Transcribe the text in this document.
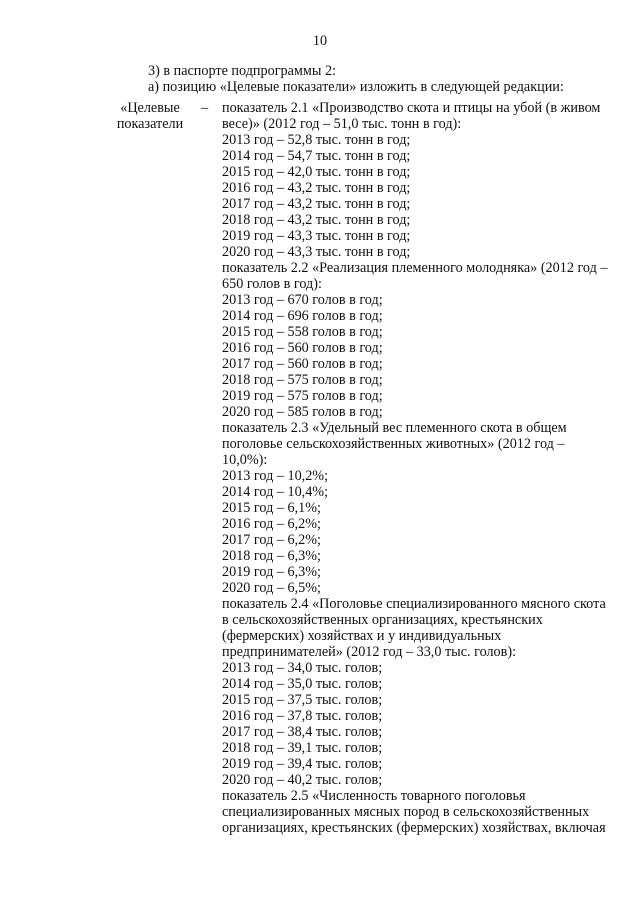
10
3) в паспорте подпрограммы 2:
а) позицию «Целевые показатели» изложить в следующей редакции:
«Целевые
показатели
– показатель 2.1 «Производство скота и птицы на убой (в живом
весе)» (2012 год – 51,0 тыс. тонн в год):
2013 год – 52,8 тыс. тонн в год;
2014 год – 54,7 тыс. тонн в год;
2015 год – 42,0 тыс. тонн в год;
2016 год – 43,2 тыс. тонн в год;
2017 год – 43,2 тыс. тонн в год;
2018 год – 43,2 тыс. тонн в год;
2019 год – 43,3 тыс. тонн в год;
2020 год – 43,3 тыс. тонн в год;
показатель 2.2 «Реализация племенного молодняка» (2012 год –
650 голов в год):
2013 год – 670 голов в год;
2014 год – 696 голов в год;
2015 год – 558 голов в год;
2016 год – 560 голов в год;
2017 год – 560 голов в год;
2018 год – 575 голов в год;
2019 год – 575 голов в год;
2020 год – 585 голов в год;
показатель 2.3 «Удельный вес племенного скота в общем
поголовье сельскохозяйственных животных» (2012 год –
10,0%):
2013 год – 10,2%;
2014 год – 10,4%;
2015 год – 6,1%;
2016 год – 6,2%;
2017 год – 6,2%;
2018 год – 6,3%;
2019 год – 6,3%;
2020 год – 6,5%;
показатель 2.4 «Поголовье специализированного мясного скота
в сельскохозяйственных организациях, крестьянских
(фермерских) хозяйствах и у индивидуальных
предпринимателей» (2012 год – 33,0 тыс. голов):
2013 год – 34,0 тыс. голов;
2014 год – 35,0 тыс. голов;
2015 год – 37,5 тыс. голов;
2016 год – 37,8 тыс. голов;
2017 год – 38,4 тыс. голов;
2018 год – 39,1 тыс. голов;
2019 год – 39,4 тыс. голов;
2020 год – 40,2 тыс. голов;
показатель 2.5 «Численность товарного поголовья
специализированных мясных пород в сельскохозяйственных
организациях, крестьянских (фермерских) хозяйствах, включая
